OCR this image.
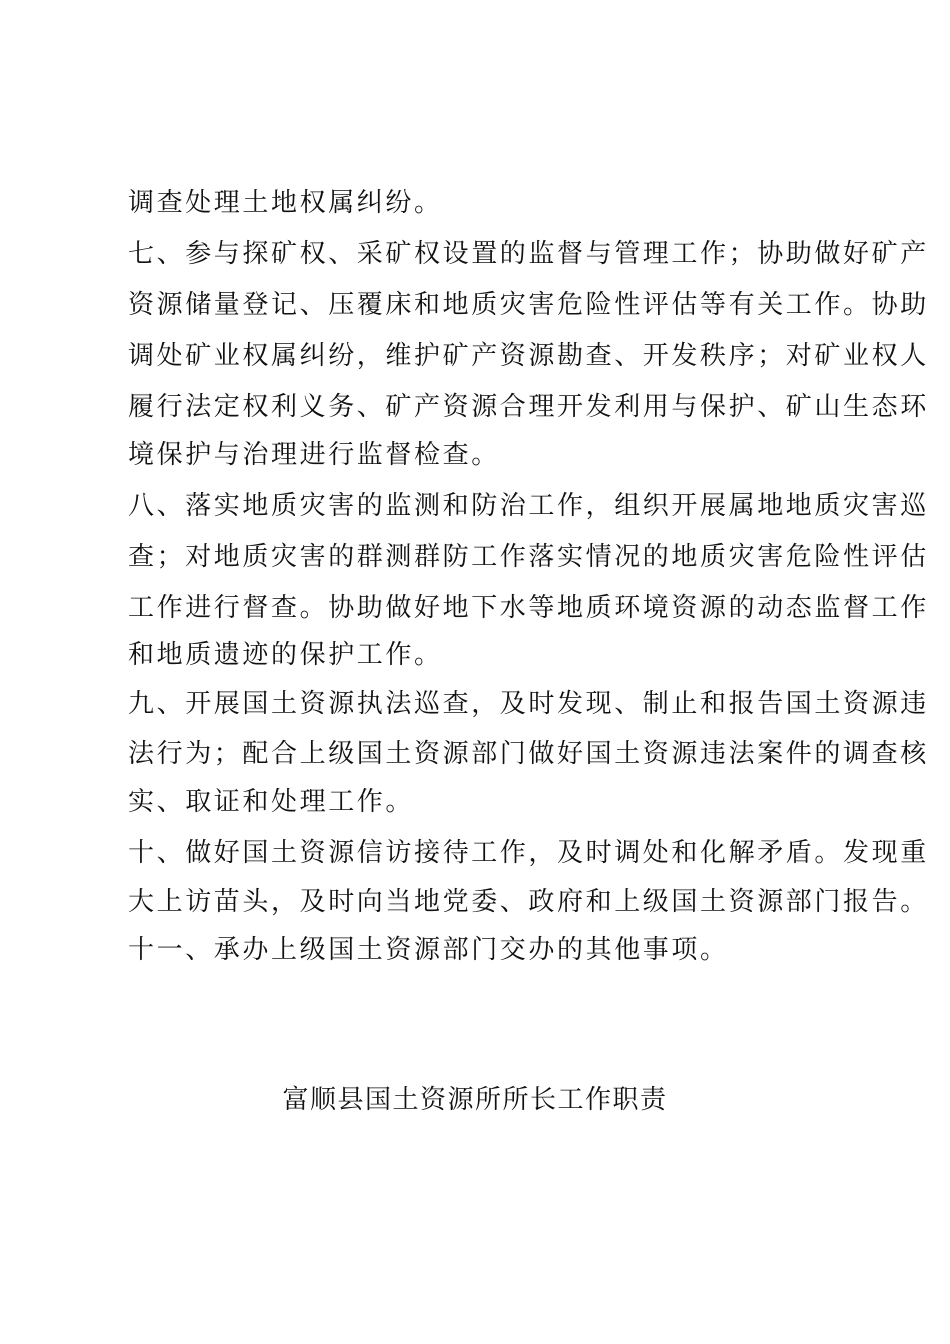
调查处理土地权属纠纷。
七、参与探矿权、采矿权设置的监督与管理工作；协助做好矿产
资源储量登记、压覆床和地质灾害危险性评估等有关工作。协助
调处矿业权属纠纷，维护矿产资源勘查、开发秩序；对矿业权人
履行法定权利义务、矿产资源合理开发利用与保护、矿山生态环
境保护与治理进行监督检查。
八、落实地质灾害的监测和防治工作，组织开展属地地质灾害巡
查；对地质灾害的群测群防工作落实情况的地质灾害危险性评估
工作进行督查。协助做好地下水等地质环境资源的动态监督工作
和地质遗迹的保护工作。
九、开展国土资源执法巡查，及时发现、制止和报告国土资源违
法行为；配合上级国土资源部门做好国土资源违法案件的调查核
实、取证和处理工作。
十、做好国土资源信访接待工作，及时调处和化解矛盾。发现重
大上访苗头，及时向当地党委、政府和上级国土资源部门报告。
十一、承办上级国土资源部门交办的其他事项。
富顺县国土资源所所长工作职责
